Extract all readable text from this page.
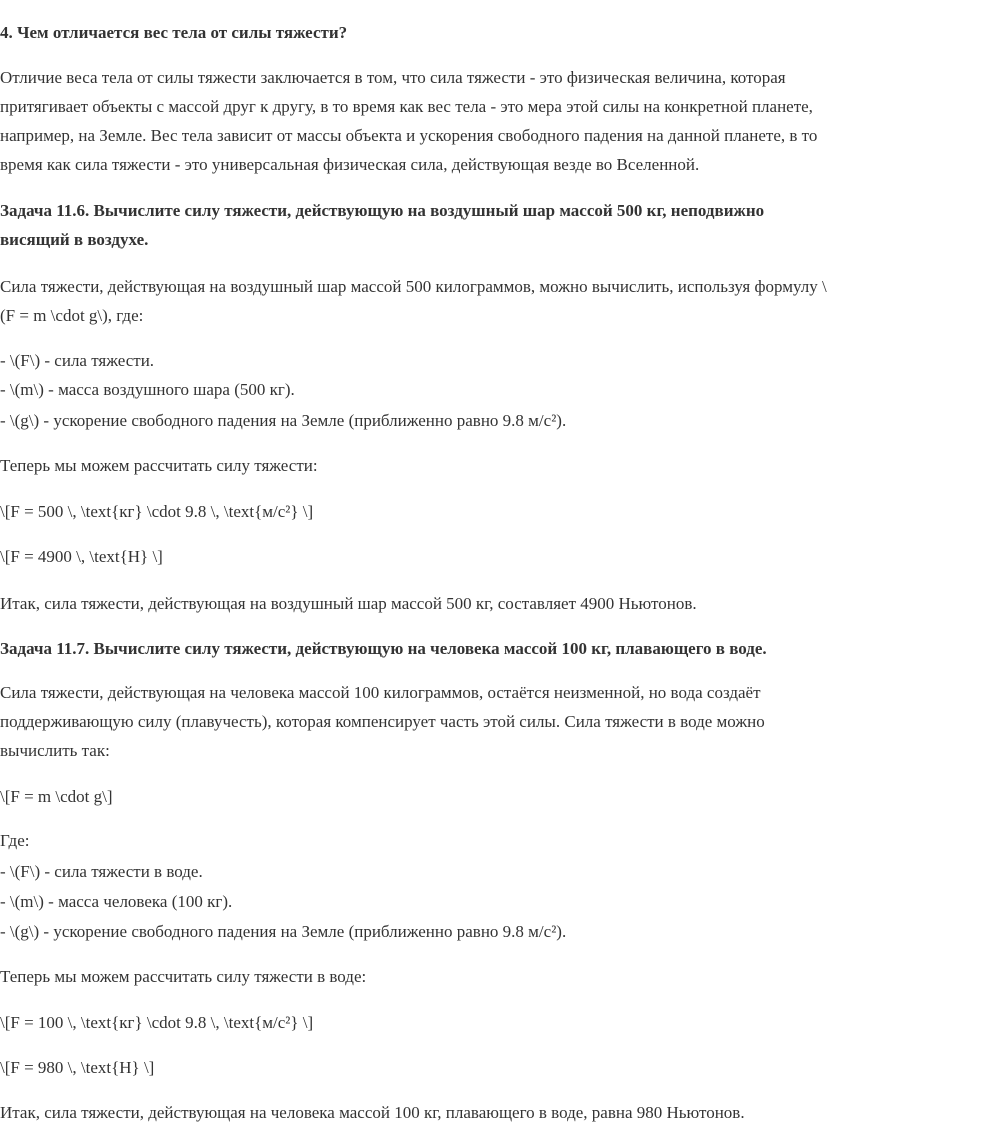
4. Чем отличается вес тела от силы тяжести?
Отличие веса тела от силы тяжести заключается в том, что сила тяжести - это физическая величина, которая
притягивает объекты с массой друг к другу, в то время как вес тела - это мера этой силы на конкретной планете,
например, на Земле. Вес тела зависит от массы объекта и ускорения свободного падения на данной планете, в то
время как сила тяжести - это универсальная физическая сила, действующая везде во Вселенной.
Задача 11.6. Вычислите силу тяжести, действующую на воздушный шар массой 500 кг, неподвижно
висящий в воздухе.
Сила тяжести, действующая на воздушный шар массой 500 килограммов, можно вычислить, используя формулу \
(F = m \cdot g\), где:
- \(F\) - сила тяжести.
- \(m\) - масса воздушного шара (500 кг).
- \(g\) - ускорение свободного падения на Земле (приближенно равно 9.8 м/с²).
Теперь мы можем рассчитать силу тяжести:
\[F = 500 \, \text{кг} \cdot 9.8 \, \text{м/с²} \]
\[F = 4900 \, \text{Н} \]
Итак, сила тяжести, действующая на воздушный шар массой 500 кг, составляет 4900 Ньютонов.
Задача 11.7. Вычислите силу тяжести, действующую на человека массой 100 кг, плавающего в воде.
Сила тяжести, действующая на человека массой 100 килограммов, остаётся неизменной, но вода создаёт
поддерживающую силу (плавучесть), которая компенсирует часть этой силы. Сила тяжести в воде можно
вычислить так:
\[F = m \cdot g\]
Где:
- \(F\) - сила тяжести в воде.
- \(m\) - масса человека (100 кг).
- \(g\) - ускорение свободного падения на Земле (приближенно равно 9.8 м/с²).
Теперь мы можем рассчитать силу тяжести в воде:
\[F = 100 \, \text{кг} \cdot 9.8 \, \text{м/с²} \]
\[F = 980 \, \text{Н} \]
Итак, сила тяжести, действующая на человека массой 100 кг, плавающего в воде, равна 980 Ньютонов.
